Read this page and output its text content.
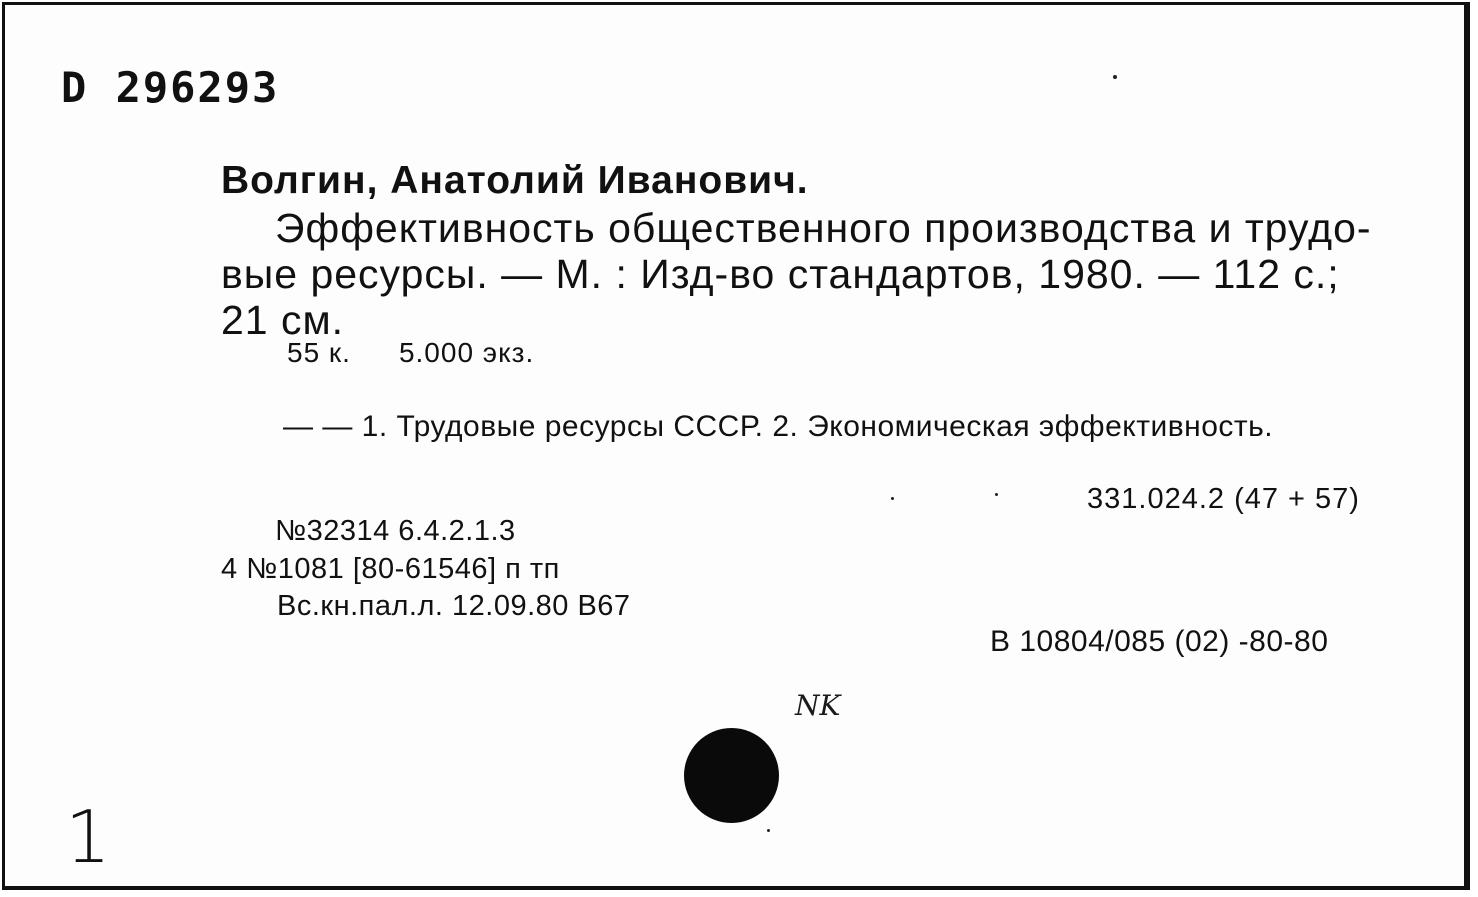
D 296293
Волгин, Анатолий Иванович.
Эффективность общественного производства и трудо-
вые ресурсы. — М. : Изд-во стандартов, 1980. — 112 с.;
21 см.
55 к. 5.000 экз.
— — 1. Трудовые ресурсы СССР. 2. Экономическая эффективность.
331.024.2 (47 + 57)
№32314 6.4.2.1.3
4 №1081 [80-61546] п тп
Вс.кн.пал.л. 12.09.80 В67
В 10804/085 (02) -80-80
NK
1
